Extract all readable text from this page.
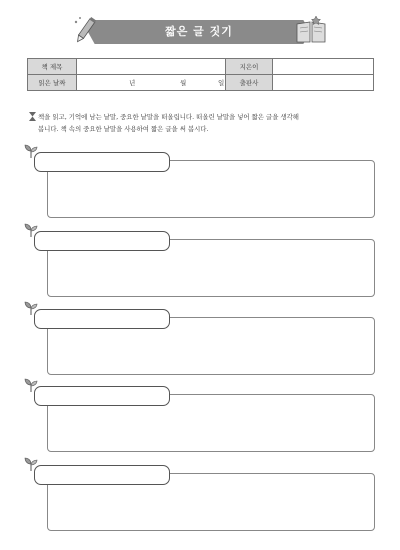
짧은 글 짓기
책 제목		지은이	
읽은 날짜	년 월 일	출판사	
책을 읽고, 기억에 남는 낱말, 중요한 낱말을 떠올립니다. 떠올린 낱말을 넣어 짧은 글을 생각해
봅니다. 책 속의 중요한 낱말을 사용하여 짧은 글을 써 봅시다.
